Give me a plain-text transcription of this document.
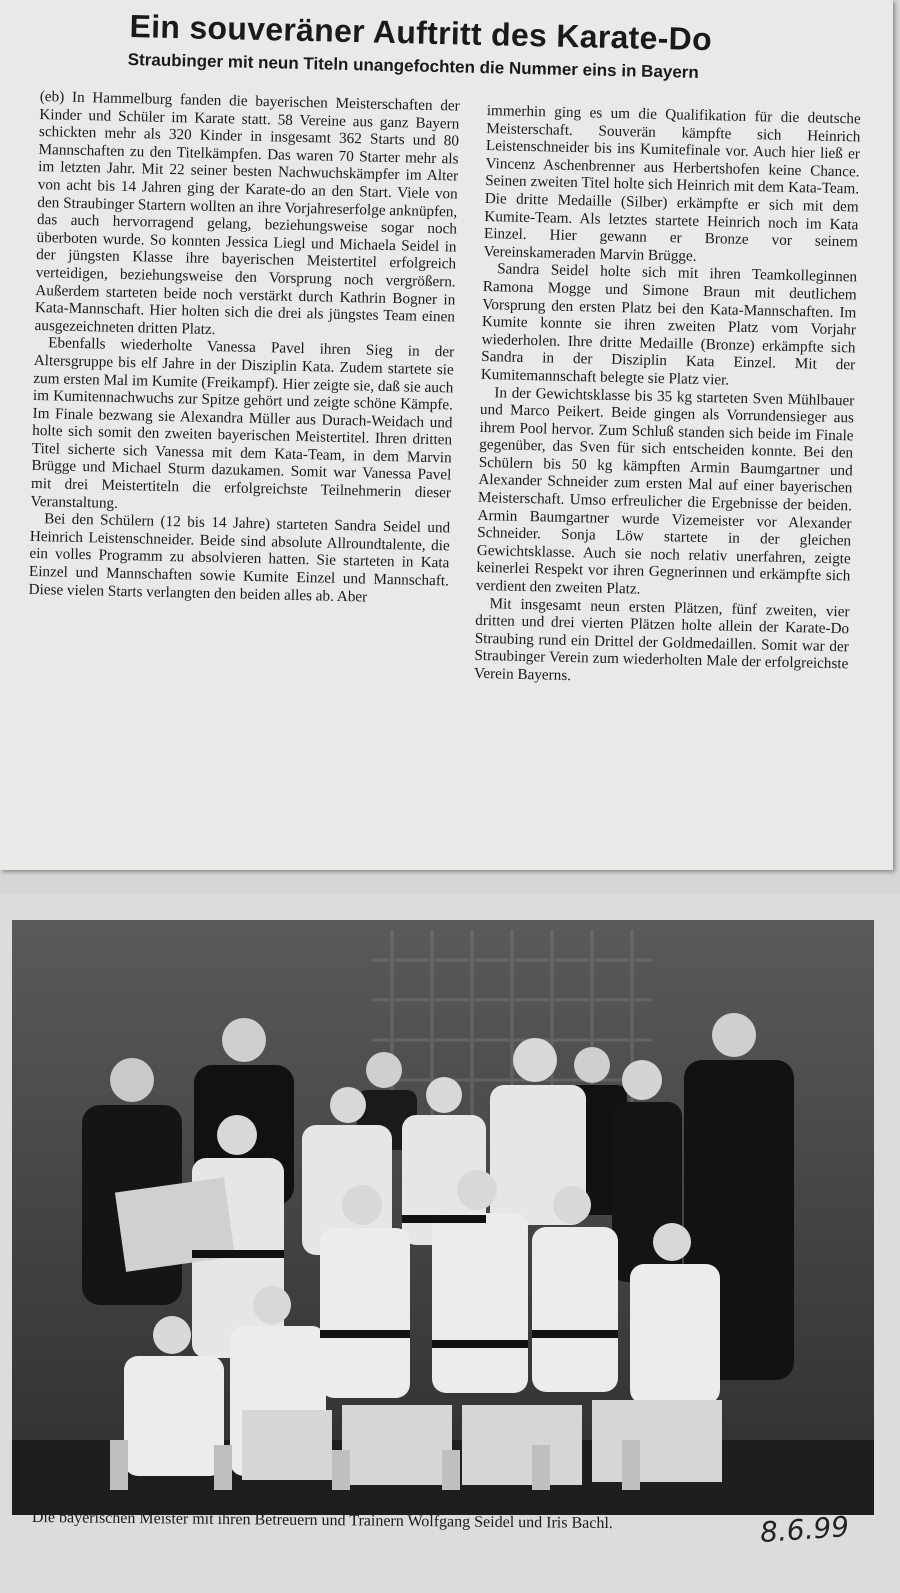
Ein souveräner Auftritt des Karate-Do
Straubinger mit neun Titeln unangefochten die Nummer eins in Bayern

(eb) In Hammelburg fanden die bayerischen Meisterschaften der Kinder und Schüler im Karate statt. 58 Vereine aus ganz Bayern schickten mehr als 320 Kinder in insgesamt 362 Starts und 80 Mannschaften zu den Titelkämpfen. Das waren 70 Starter mehr als im letzten Jahr. Mit 22 seiner besten Nachwuchskämpfer im Alter von acht bis 14 Jahren ging der Karate-do an den Start. Viele von den Straubinger Startern wollten an ihre Vorjahreserfolge anknüpfen, das auch hervorragend gelang, beziehungsweise sogar noch überboten wurde. So konnten Jessica Liegl und Michaela Seidel in der jüngsten Klasse ihre bayerischen Meistertitel erfolgreich verteidigen, beziehungsweise den Vorsprung noch vergrößern. Außerdem starteten beide noch verstärkt durch Kathrin Bogner in Kata-Mannschaft. Hier holten sich die drei als jüngstes Team einen ausgezeichneten dritten Platz.

Ebenfalls wiederholte Vanessa Pavel ihren Sieg in der Altersgruppe bis elf Jahre in der Disziplin Kata. Zudem startete sie zum ersten Mal im Kumite (Freikampf). Hier zeigte sie, daß sie auch im Kumitennachwuchs zur Spitze gehört und zeigte schöne Kämpfe. Im Finale bezwang sie Alexandra Müller aus Durach-Weidach und holte sich somit den zweiten bayerischen Meistertitel. Ihren dritten Titel sicherte sich Vanessa mit dem Kata-Team, in dem Marvin Brügge und Michael Sturm dazukamen. Somit war Vanessa Pavel mit drei Meistertiteln die erfolgreichste Teilnehmerin dieser Veranstaltung.

Bei den Schülern (12 bis 14 Jahre) starteten Sandra Seidel und Heinrich Leistenschneider. Beide sind absolute Allroundtalente, die ein volles Programm zu absolvieren hatten. Sie starteten in Kata Einzel und Mannschaften sowie Kumite Einzel und Mannschaft. Diese vielen Starts verlangten den beiden alles ab. Aber

immerhin ging es um die Qualifikation für die deutsche Meisterschaft. Souverän kämpfte sich Heinrich Leistenschneider bis ins Kumitefinale vor. Auch hier ließ er Vincenz Aschenbrenner aus Herbertshofen keine Chance. Seinen zweiten Titel holte sich Heinrich mit dem Kata-Team. Die dritte Medaille (Silber) erkämpfte er sich mit dem Kumite-Team. Als letztes startete Heinrich noch im Kata Einzel. Hier gewann er Bronze vor seinem Vereinskameraden Marvin Brügge.

Sandra Seidel holte sich mit ihren Teamkolleginnen Ramona Mogge und Simone Braun mit deutlichem Vorsprung den ersten Platz bei den Kata-Mannschaften. Im Kumite konnte sie ihren zweiten Platz vom Vorjahr wiederholen. Ihre dritte Medaille (Bronze) erkämpfte sich Sandra in der Disziplin Kata Einzel. Mit der Kumitemannschaft belegte sie Platz vier.

In der Gewichtsklasse bis 35 kg starteten Sven Mühlbauer und Marco Peikert. Beide gingen als Vorrundensieger aus ihrem Pool hervor. Zum Schluß standen sich beide im Finale gegenüber, das Sven für sich entscheiden konnte. Bei den Schülern bis 50 kg kämpften Armin Baumgartner und Alexander Schneider zum ersten Mal auf einer bayerischen Meisterschaft. Umso erfreulicher die Ergebnisse der beiden. Armin Baumgartner wurde Vizemeister vor Alexander Schneider. Sonja Löw startete in der gleichen Gewichtsklasse. Auch sie noch relativ unerfahren, zeigte keinerlei Respekt vor ihren Gegnerinnen und erkämpfte sich verdient den zweiten Platz.

Mit insgesamt neun ersten Plätzen, fünf zweiten, vier dritten und drei vierten Plätzen holte allein der Karate-Do Straubing rund ein Drittel der Goldmedaillen. Somit war der Straubinger Verein zum wiederholten Male der erfolgreichste Verein Bayerns.

Die bayerischen Meister mit ihren Betreuern und Trainern Wolfgang Seidel und Iris Bachl.	8.6.99
